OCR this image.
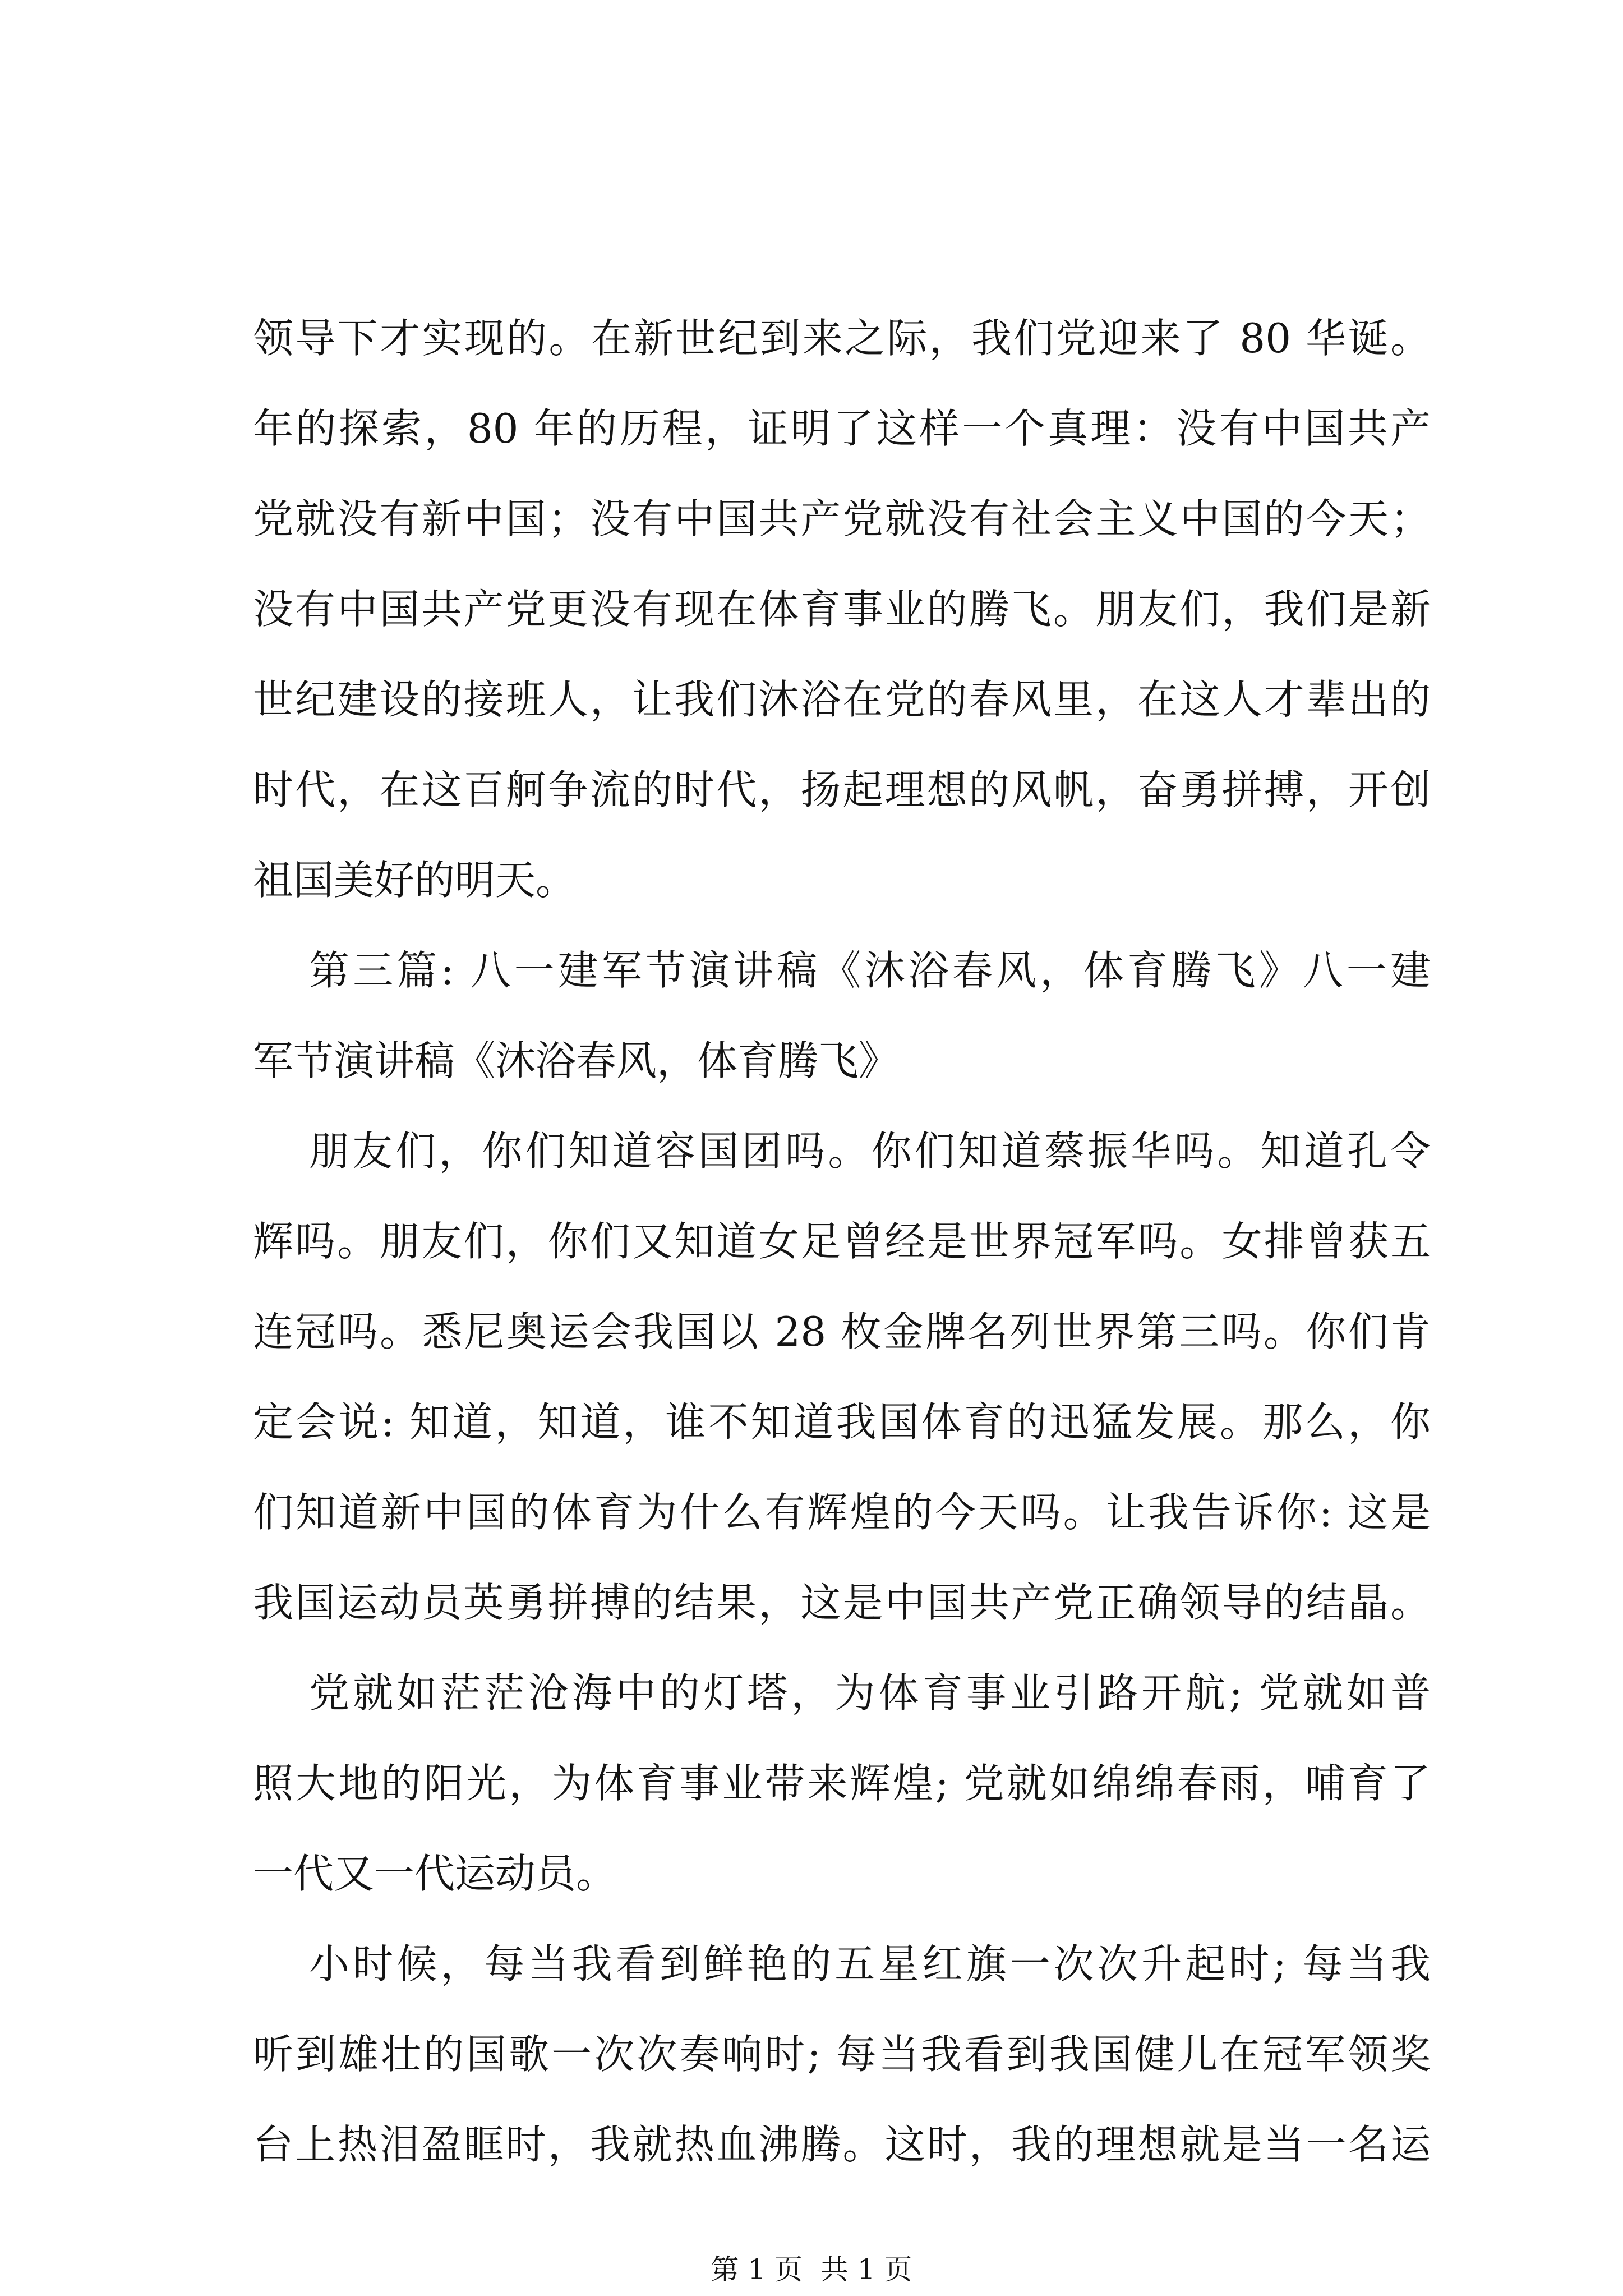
领导下才实现的。在新世纪到来之际，我们党迎来了 80 华诞。
年的探索，80 年的历程，证明了这样一个真理：没有中国共产
党就没有新中国；没有中国共产党就没有社会主义中国的今天；
没有中国共产党更没有现在体育事业的腾飞。朋友们，我们是新
世纪建设的接班人，让我们沐浴在党的春风里，在这人才辈出的
时代，在这百舸争流的时代，扬起理想的风帆，奋勇拼搏，开创
祖国美好的明天。
第三篇: 八一建军节演讲稿《沐浴春风，体育腾飞》八一建
军节演讲稿《沐浴春风，体育腾飞》
朋友们，你们知道容国团吗。你们知道蔡振华吗。知道孔令
辉吗。朋友们，你们又知道女足曾经是世界冠军吗。女排曾获五
连冠吗。悉尼奥运会我国以 28 枚金牌名列世界第三吗。你们肯
定会说: 知道，知道，谁不知道我国体育的迅猛发展。那么，你
们知道新中国的体育为什么有辉煌的今天吗。让我告诉你: 这是
我国运动员英勇拼搏的结果，这是中国共产党正确领导的结晶。
党就如茫茫沧海中的灯塔，为体育事业引路开航; 党就如普
照大地的阳光，为体育事业带来辉煌; 党就如绵绵春雨，哺育了
一代又一代运动员。
小时候，每当我看到鲜艳的五星红旗一次次升起时; 每当我
听到雄壮的国歌一次次奏响时; 每当我看到我国健儿在冠军领奖
台上热泪盈眶时，我就热血沸腾。这时，我的理想就是当一名运
第 1 页  共 1 页
